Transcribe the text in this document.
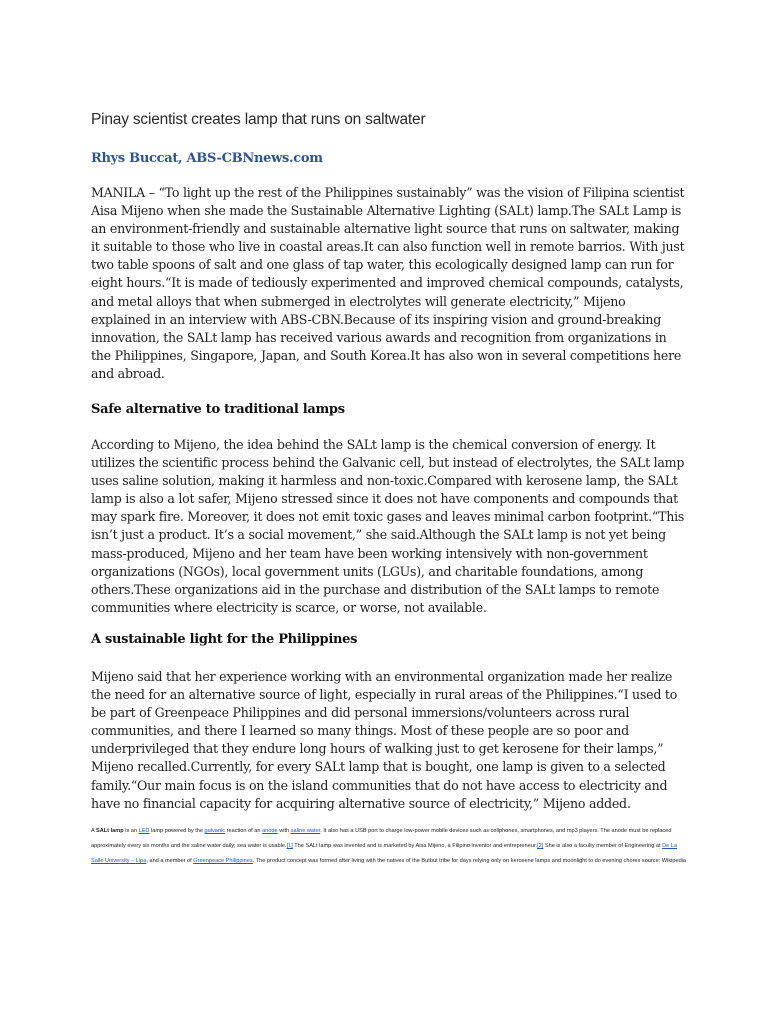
Pinay scientist creates lamp that runs on saltwater
Rhys Buccat, ABS-CBNnews.com

MANILA – “To light up the rest of the Philippines sustainably” was the vision of Filipina scientist Aisa Mijeno when she made the Sustainable Alternative Lighting (SALt) lamp.The SALt Lamp is an environment-friendly and sustainable alternative light source that runs on saltwater, making it suitable to those who live in coastal areas.It can also function well in remote barrios. With just two table spoons of salt and one glass of tap water, this ecologically designed lamp can run for eight hours.“It is made of tediously experimented and improved chemical compounds, catalysts, and metal alloys that when submerged in electrolytes will generate electricity,” Mijeno explained in an interview with ABS-CBN.Because of its inspiring vision and ground-breaking innovation, the SALt lamp has received various awards and recognition from organizations in the Philippines, Singapore, Japan, and South Korea.It has also won in several competitions here and abroad.

Safe alternative to traditional lamps

According to Mijeno, the idea behind the SALt lamp is the chemical conversion of energy. It utilizes the scientific process behind the Galvanic cell, but instead of electrolytes, the SALt lamp uses saline solution, making it harmless and non-toxic.Compared with kerosene lamp, the SALt lamp is also a lot safer, Mijeno stressed since it does not have components and compounds that may spark fire. Moreover, it does not emit toxic gases and leaves minimal carbon footprint.“This isn’t just a product. It’s a social movement,” she said.Although the SALt lamp is not yet being mass-produced, Mijeno and her team have been working intensively with non-government organizations (NGOs), local government units (LGUs), and charitable foundations, among others.These organizations aid in the purchase and distribution of the SALt lamps to remote communities where electricity is scarce, or worse, not available.

A sustainable light for the Philippines

Mijeno said that her experience working with an environmental organization made her realize the need for an alternative source of light, especially in rural areas of the Philippines.“I used to be part of Greenpeace Philippines and did personal immersions/volunteers across rural communities, and there I learned so many things. Most of these people are so poor and underprivileged that they endure long hours of walking just to get kerosene for their lamps,” Mijeno recalled.Currently, for every SALt lamp that is bought, one lamp is given to a selected family.“Our main focus is on the island communities that do not have access to electricity and have no financial capacity for acquiring alternative source of electricity,” Mijeno added.

A SALt lamp is an LED lamp powered by the galvanic reaction of an anode with saline water. It also has a USB port to charge low-power mobile devices such as cellphones, smartphones, and mp3 players. The anode must be replaced approximately every six months and the saline water daily; sea water is usable.[1] The SALt lamp was invented and is marketed by Aisa Mijeno, a Filipino inventor and entrepreneur.[2] She is also a faculty member of Engineering at De La Salle University – Lipa, and a member of Greenpeace Philippines. The product concept was formed after living with the natives of the Butbut tribe for days relying only on kerosene lamps and moonlight to do evening chores source: Wikipedia
